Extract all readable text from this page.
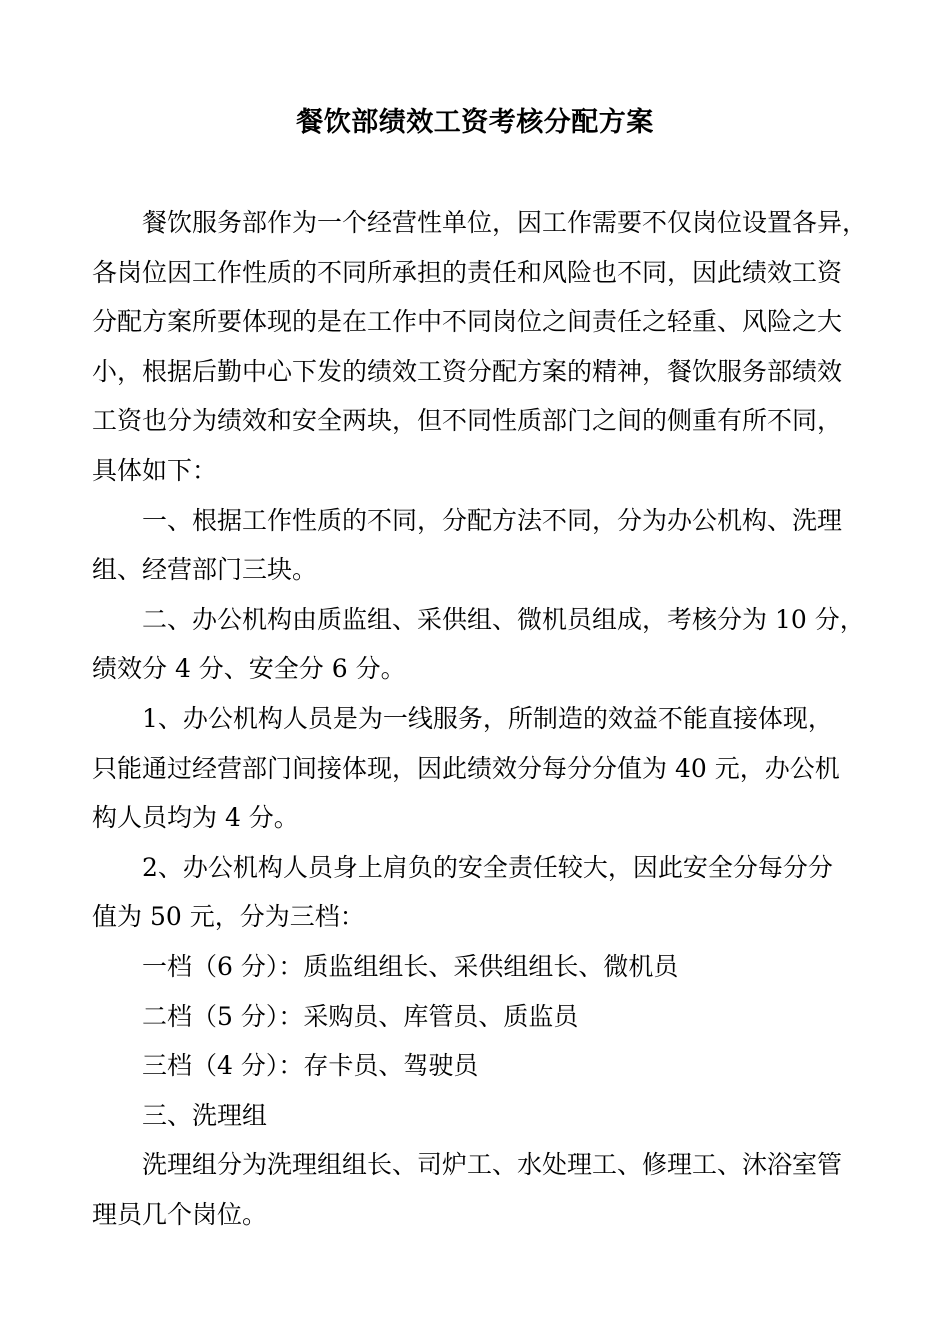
餐饮部绩效工资考核分配方案
餐饮服务部作为一个经营性单位，因工作需要不仅岗位设置各异，
各岗位因工作性质的不同所承担的责任和风险也不同，因此绩效工资
分配方案所要体现的是在工作中不同岗位之间责任之轻重、风险之大
小，根据后勤中心下发的绩效工资分配方案的精神，餐饮服务部绩效
工资也分为绩效和安全两块，但不同性质部门之间的侧重有所不同，
具体如下：
一、根据工作性质的不同，分配方法不同，分为办公机构、洗理
组、经营部门三块。
二、办公机构由质监组、采供组、微机员组成，考核分为 10 分，
绩效分 4 分、安全分 6 分。
1、办公机构人员是为一线服务，所制造的效益不能直接体现，
只能通过经营部门间接体现，因此绩效分每分分值为 40 元，办公机
构人员均为 4 分。
2、办公机构人员身上肩负的安全责任较大，因此安全分每分分
值为 50 元，分为三档：
一档（6 分）：质监组组长、采供组组长、微机员
二档（5 分）：采购员、库管员、质监员
三档（4 分）：存卡员、驾驶员
三、洗理组
洗理组分为洗理组组长、司炉工、水处理工、修理工、沐浴室管
理员几个岗位。
